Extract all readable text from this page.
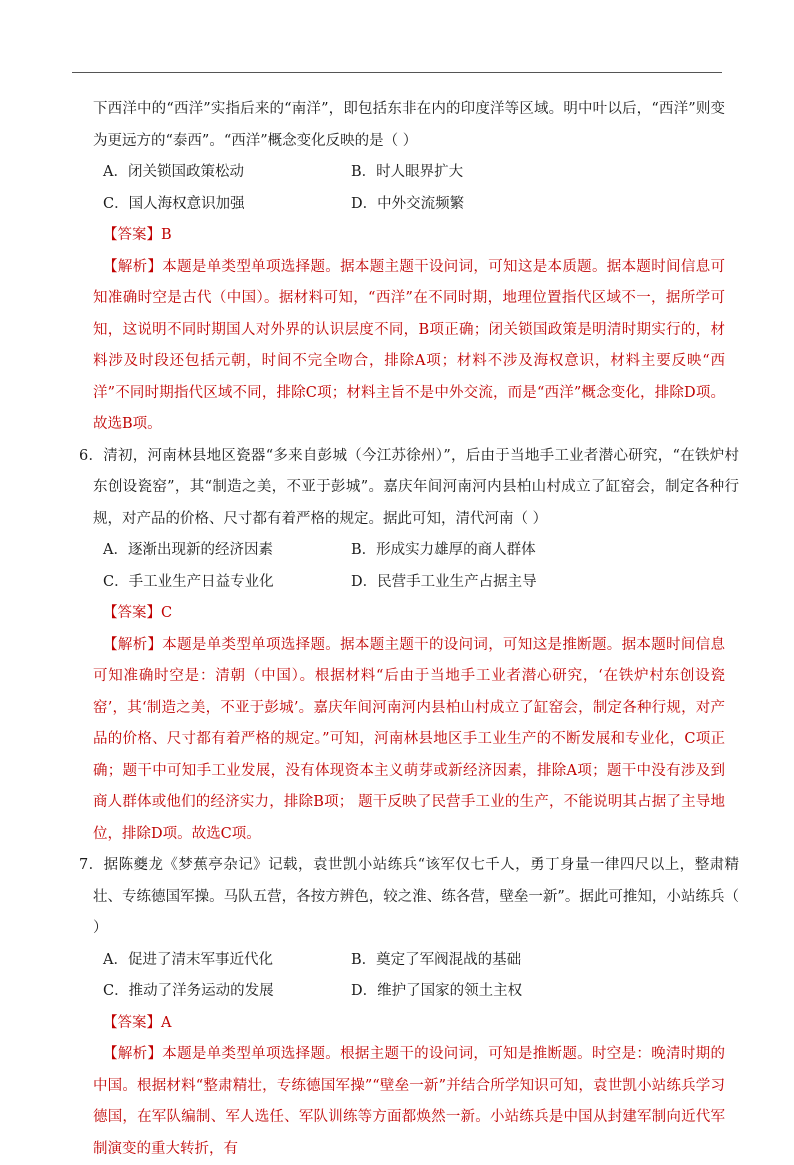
下西洋中的“西洋”实指后来的“南洋”，即包括东非在内的印度洋等区域。明中叶以后，“西洋”则变为更远方的“泰西”。“西洋”概念变化反映的是（ ）

A．闭关锁国政策松动	B．时人眼界扩大
C．国人海权意识加强	D．中外交流频繁

【答案】B

【解析】本题是单类型单项选择题。据本题主题干设问词，可知这是本质题。据本题时间信息可知准确时空是古代（中国）。据材料可知，“西洋”在不同时期，地理位置指代区域不一，据所学可知，这说明不同时期国人对外界的认识层度不同，B项正确；闭关锁国政策是明清时期实行的，材料涉及时段还包括元朝，时间不完全吻合，排除A项；材料不涉及海权意识，材料主要反映“西洋”不同时期指代区域不同，排除C项；材料主旨不是中外交流，而是“西洋”概念变化，排除D项。故选B项。

6．清初，河南林县地区瓷器“多来自彭城（今江苏徐州）”，后由于当地手工业者潜心研究，“在铁炉村东创设瓷窑”，其“制造之美，不亚于彭城”。嘉庆年间河南河内县柏山村成立了缸窑会，制定各种行规，对产品的价格、尺寸都有着严格的规定。据此可知，清代河南（ ）

A．逐渐出现新的经济因素	B．形成实力雄厚的商人群体
C．手工业生产日益专业化	D．民营手工业生产占据主导

【答案】C

【解析】本题是单类型单项选择题。据本题主题干的设问词，可知这是推断题。据本题时间信息可知准确时空是：清朝（中国）。根据材料“后由于当地手工业者潜心研究，‘在铁炉村东创设瓷窑’，其‘制造之美，不亚于彭城’。嘉庆年间河南河内县柏山村成立了缸窑会，制定各种行规，对产品的价格、尺寸都有着严格的规定。”可知，河南林县地区手工业生产的不断发展和专业化，C项正确；题干中可知手工业发展，没有体现资本主义萌芽或新经济因素，排除A项；题干中没有涉及到商人群体或他们的经济实力，排除B项； 题干反映了民营手工业的生产，不能说明其占据了主导地位，排除D项。故选C项。

7．据陈夔龙《梦蕉亭杂记》记载，袁世凯小站练兵“该军仅七千人，勇丁身量一律四尺以上，整肃精壮、专练德国军操。马队五营，各按方辨色，较之淮、练各营，壁垒一新”。据此可推知，小站练兵（ ）

A．促进了清末军事近代化	B．奠定了军阀混战的基础
C．推动了洋务运动的发展	D．维护了国家的领土主权

【答案】A

【解析】本题是单类型单项选择题。根据主题干的设问词，可知是推断题。时空是：晚清时期的中国。根据材料“整肃精壮，专练德国军操”“壁垒一新”并结合所学知识可知，袁世凯小站练兵学习德国，在军队编制、军人选任、军队训练等方面都焕然一新。小站练兵是中国从封建军制向近代军制演变的重大转折，有
